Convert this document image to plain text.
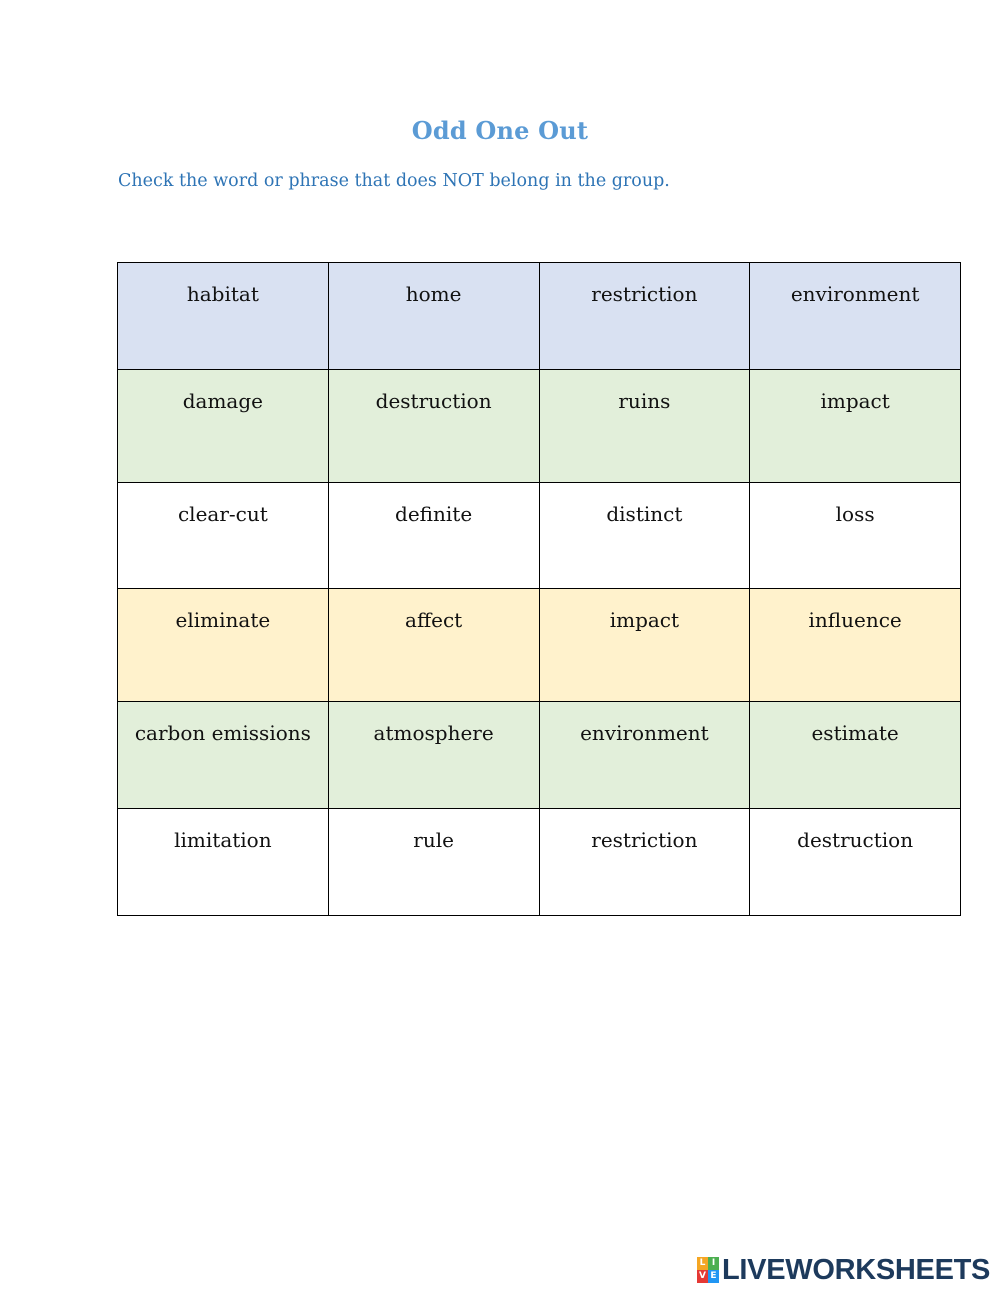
Odd One Out
Check the word or phrase that does NOT belong in the group.
habitat	home	restriction	environment
damage	destruction	ruins	impact
clear-cut	definite	distinct	loss
eliminate	affect	impact	influence
carbon emissions	atmosphere	environment	estimate
limitation	rule	restriction	destruction
L I
V E LIVEWORKSHEETS
